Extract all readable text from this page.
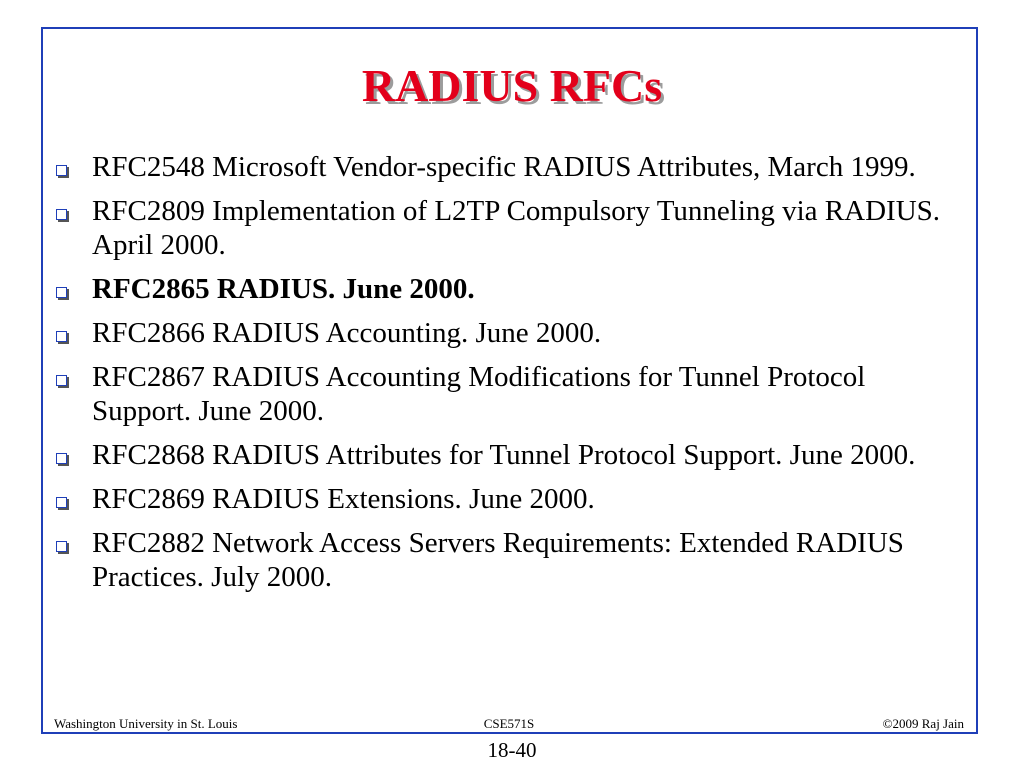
RADIUS RFCs
RFC2548 Microsoft Vendor-specific RADIUS Attributes, March 1999.
RFC2809 Implementation of L2TP Compulsory Tunneling via RADIUS. April 2000.
RFC2865 RADIUS. June 2000.
RFC2866 RADIUS Accounting. June 2000.
RFC2867 RADIUS Accounting Modifications for Tunnel Protocol Support. June 2000.
RFC2868 RADIUS Attributes for Tunnel Protocol Support. June 2000.
RFC2869 RADIUS Extensions. June 2000.
RFC2882 Network Access Servers Requirements: Extended RADIUS Practices. July 2000.
Washington University in St. Louis	CSE571S	©2009 Raj Jain
18-40
